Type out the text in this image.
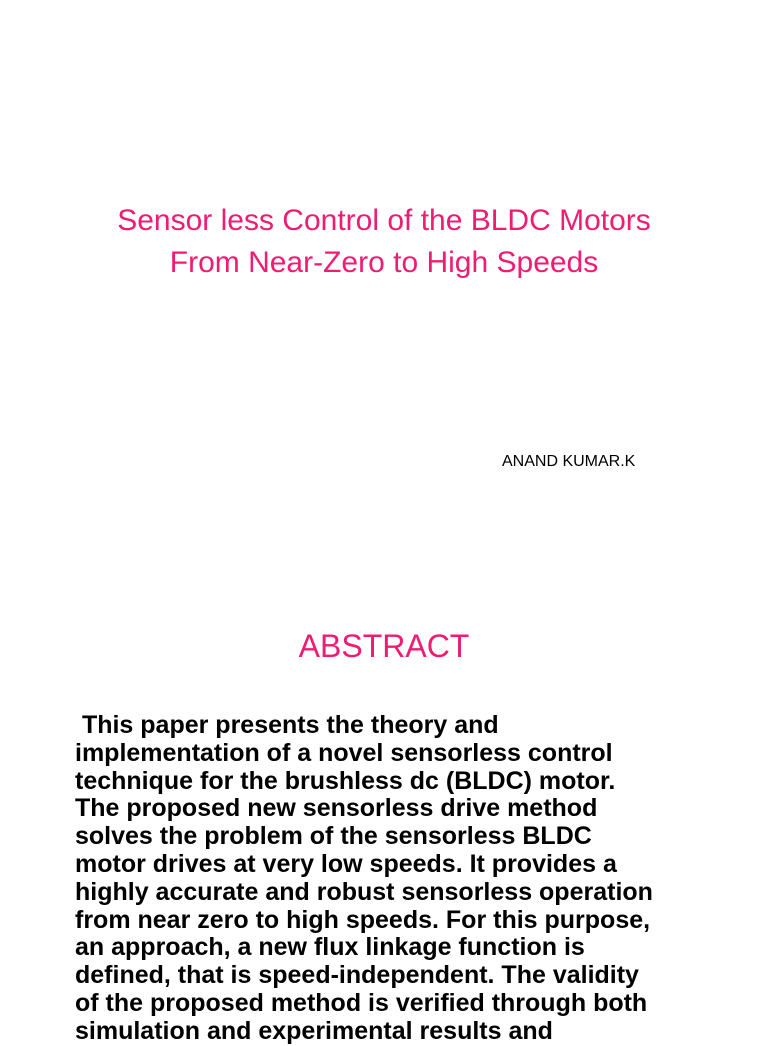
Sensor less Control of the BLDC Motors
From Near-Zero to High Speeds
ANAND KUMAR.K
ABSTRACT
This paper presents the theory and
implementation of a novel sensorless control
technique for the brushless dc (BLDC) motor.
The proposed new sensorless drive method
solves the problem of the sensorless BLDC
motor drives at very low speeds. It provides a
highly accurate and robust sensorless operation
from near zero to high speeds. For this purpose,
an approach, a new flux linkage function is
defined, that is speed-independent. The validity
of the proposed method is verified through both
simulation and experimental results and
